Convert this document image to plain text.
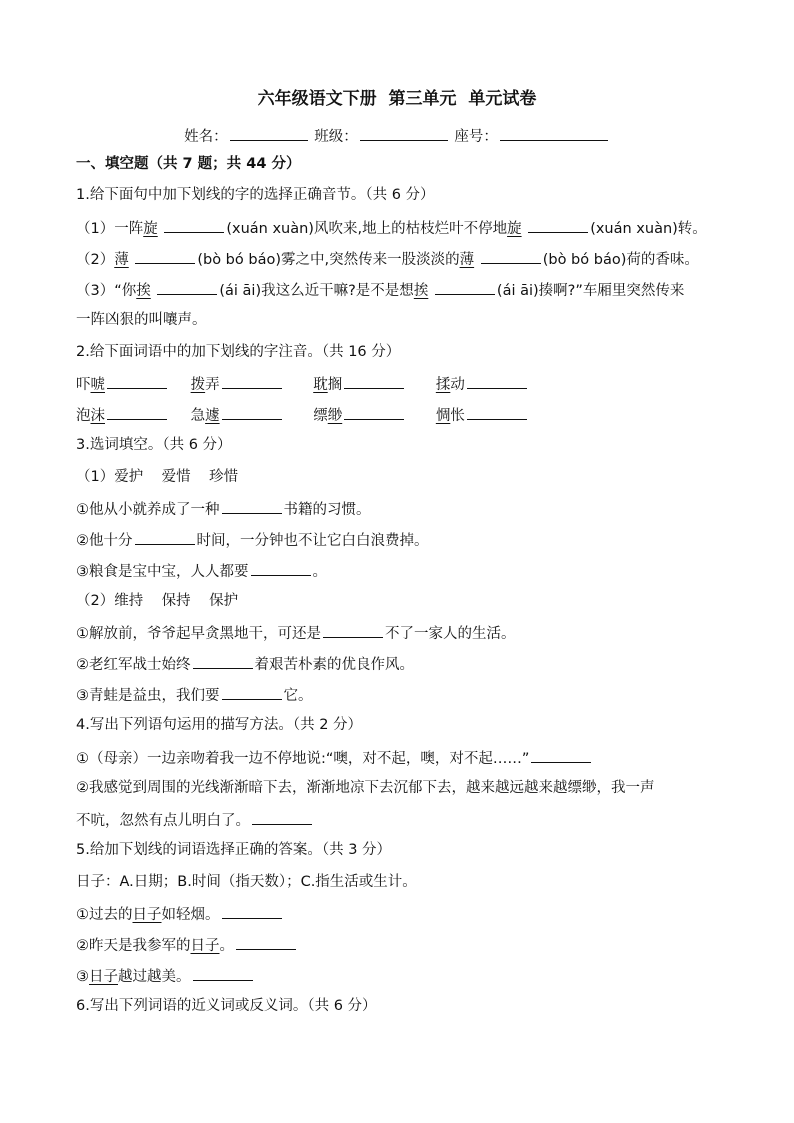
六年级语文下册  第三单元  单元试卷
姓名：	班级：	座号：
一、填空题（共 7 题；共 44 分）
1.给下面句中加下划线的字的选择正确音节。（共 6 分）
（1）一阵旋	(xuán xuàn)风吹来,地上的枯枝烂叶不停地旋	(xuán xuàn)转。
（2）薄	(bò bó báo)雾之中,突然传来一股淡淡的薄	(bò bó báo)荷的香味。
（3）“你挨	(ái āi)我这么近干嘛?是不是想挨	(ái āi)揍啊?”车厢里突然传来
一阵凶狠的叫嚷声。
2.给下面词语中的加下划线的字注音。（共 16 分）
吓唬	拨弄	耽搁	揉动
泡沫	急遽	缥缈	惆怅
3.选词填空。（共 6 分）
（1）爱护    爱惜    珍惜
①他从小就养成了一种	书籍的习惯。
②他十分	时间，一分钟也不让它白白浪费掉。
③粮食是宝中宝，人人都要	。
（2）维持    保持    保护
①解放前，爷爷起早贪黑地干，可还是	不了一家人的生活。
②老红军战士始终	着艰苦朴素的优良作风。
③青蛙是益虫，我们要	它。
4.写出下列语句运用的描写方法。（共 2 分）
①（母亲）一边亲吻着我一边不停地说:“噢，对不起，噢，对不起……”
②我感觉到周围的光线渐渐暗下去，渐渐地凉下去沉郁下去，越来越远越来越缥缈，我一声
不吭，忽然有点儿明白了。
5.给加下划线的词语选择正确的答案。（共 3 分）
日子：A.日期；B.时间（指天数）；C.指生活或生计。
①过去的日子如轻烟。
②昨天是我参军的日子。
③日子越过越美。
6.写出下列词语的近义词或反义词。（共 6 分）
